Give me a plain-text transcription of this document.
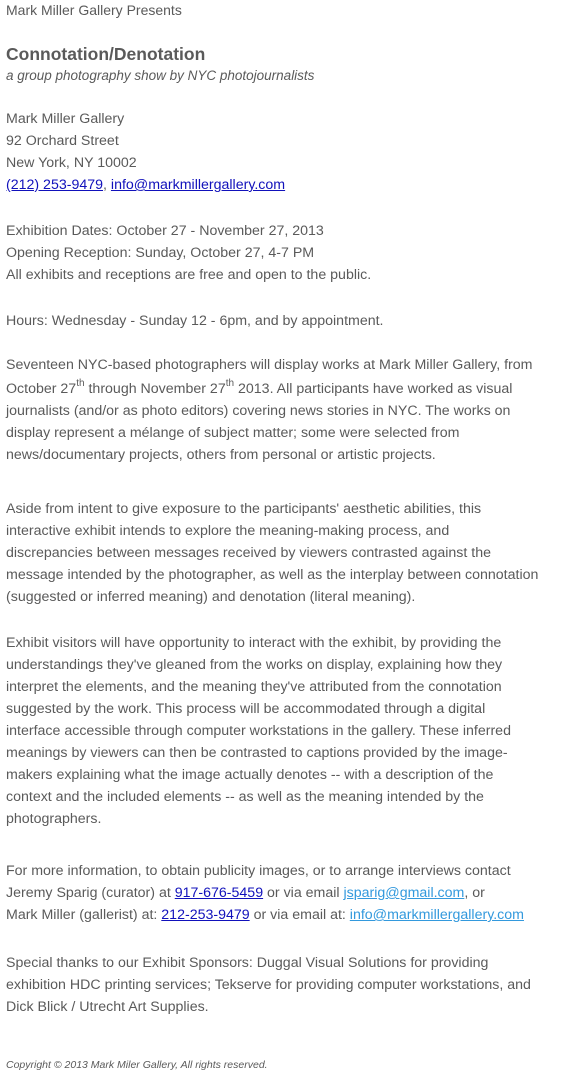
Mark Miller Gallery Presents
Connotation/Denotation
a group photography show by NYC photojournalists
Mark Miller Gallery
92 Orchard Street
New York, NY 10002
(212) 253-9479, info@markmillergallery.com
Exhibition Dates: October 27 - November 27, 2013
Opening Reception: Sunday, October 27, 4-7 PM
All exhibits and receptions are free and open to the public.
Hours: Wednesday - Sunday 12 - 6pm, and by appointment.
Seventeen NYC-based photographers will display works at Mark Miller Gallery, from
October 27th through November 27th 2013. All participants have worked as visual
journalists (and/or as photo editors) covering news stories in NYC. The works on
display represent a mélange of subject matter; some were selected from
news/documentary projects, others from personal or artistic projects.
Aside from intent to give exposure to the participants' aesthetic abilities, this
interactive exhibit intends to explore the meaning-making process, and
discrepancies between messages received by viewers contrasted against the
message intended by the photographer, as well as the interplay between connotation
(suggested or inferred meaning) and denotation (literal meaning).
Exhibit visitors will have opportunity to interact with the exhibit, by providing the
understandings they've gleaned from the works on display, explaining how they
interpret the elements, and the meaning they've attributed from the connotation
suggested by the work. This process will be accommodated through a digital
interface accessible through computer workstations in the gallery. These inferred
meanings by viewers can then be contrasted to captions provided by the image-
makers explaining what the image actually denotes -- with a description of the
context and the included elements -- as well as the meaning intended by the
photographers.
For more information, to obtain publicity images, or to arrange interviews contact
Jeremy Sparig (curator) at 917-676-5459 or via email jsparig@gmail.com, or
Mark Miller (gallerist) at: 212-253-9479 or via email at: info@markmillergallery.com
Special thanks to our Exhibit Sponsors: Duggal Visual Solutions for providing
exhibition HDC printing services; Tekserve for providing computer workstations, and
Dick Blick / Utrecht Art Supplies.
Copyright © 2013 Mark Miler Gallery, All rights reserved.
